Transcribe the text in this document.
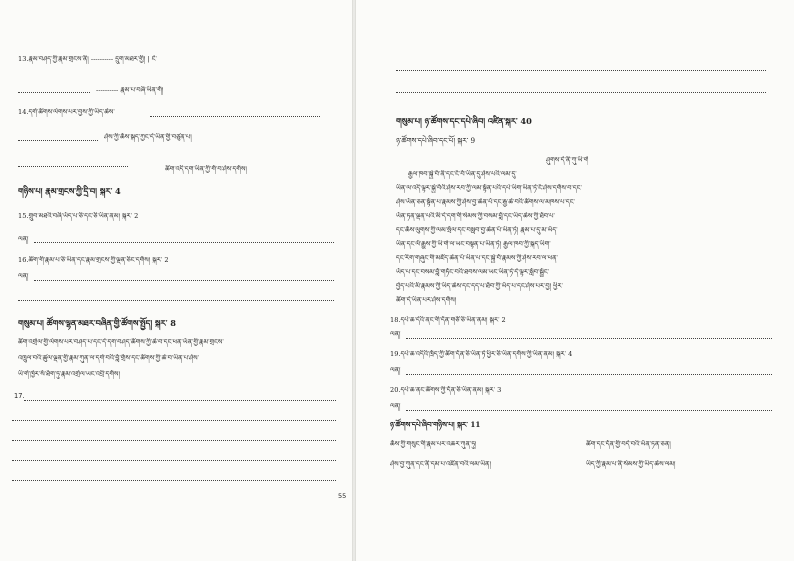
13.རྣམ་བཤད་ཀྱི་རྣམ་གྲངས་ནི། ---------- དྲུག་མཐར་གྱི། | ངེ་
---------- རྣམ་པ་བཞི་ཡིན་གོ།
14.དགེ་ཚོགས་ལེགས་པར་བྱས་ཀྱི་ཡིད་ཆེས་
ཤེས་ཀྱི་ཆོས་སྐད་ཀྱང་དེ་ཡིན་གྱི་བཙུན་པ།
ཚིག་འདི་དག་ཡིན་ཀྱི་གོ་བ་ཤེས་དགོས།
གཉིས་པ། རྣམ་གྲངས་ཀྱི་དྲི་བ། སྐར་ 4
15.གྲུབ་མཐའི་བཞི་ཡོད་པ་ཅི་དང་ཅི་ཡིན་ནམ། སྐར་ 2
ལན།
16.ཚིག་གི་རྣམ་པ་ཅི་ཡིན་དང་རྣམ་གྲངས་ཀྱི་ལྡན་ཅིང་དགོས། སྐར་ 2
ལན།
གསུམ་པ། ཚོགས་ལྷན་མཐར་བཞིན་གྱི་ཚོགས་སྤྱོད། སྐར་ 8
ཚིག་འགྲེལ་གྱི་ལེགས་པར་བཤད་པ་དང་དེ་དག་བཤད་ཚོགས་ཀྱི་ཆེ་བ་དང་ཕན་ཡོན་གྱི་རྣམ་གྲངས་
འཁྲུལ་བའི་ཚུལ་ལྡན་གྱི་རྣམ་ཀུན་ལ་དགེ་བའི་བློ་གྲོས་དང་ཚོགས་ཀྱི་ཆེ་བ་ཡིན་པ་ཤེས་
ཡི་གེ་ཁྱེར་སོ་ཐོག་ཏུ་རྣམ་འགྲེལ་ཡང་འབྲི་དགོས།
17.
55
གསུམ་པ། ཉ་ཚོགས་དང་དཔེ་ཞིབ། འཛིན་སྐར་ 40
ཉ་ཚོགས་དཔེ་ཞིབ་དང་པོ། སྐར་ 9
ཤུགས་དེ་ནི་ཀུ་ཡི་གེ
རྒྱལ་ཁབ་སྐྱེ་བོ་ནི་དང་ངོ་བོ་ཡིན་དུ་ཤེས་པའི་ལམ་དུ་
ཡིན་ལ་འདི་ལྟར་སྐྱེ་བོའི་ཤེས་རབ་ཀྱི་ལམ་སྟོན་པའི་དཔེ་ཡིག་ཡིན་ཏེ་ངོ་ཤེས་དགོས་བ་དང་
ཤེས་ཡོན་ཅན་སྟོན་པ་རྣམས་ཀྱི་ཤེས་བྱ་ཆེན་པོ་དང་རྒྱ་ཆེ་བའི་ཚོགས་ལ་མཁས་པ་དང་
ཡོན་ཏན་ལྡན་པའི་མི་དེ་དག་གི་སེམས་ཀྱི་བསམ་བློ་དང་ཡིད་ཆེས་ཀྱི་ཐོབ་པ་
དང་ཆོས་ལུགས་ཀྱི་ལམ་སྲོལ་དང་བསླབ་བྱ་ཆེན་པོ་ཡིན་ཏེ། རྣམ་པ་དུ་མ་ཡོད་
ཡིན་དང་ལོ་རྒྱུས་ཀྱི་ཡི་གེ་ལ་ཡང་བསྟན་པ་ཡིན་ཏེ། རྒྱལ་ཁབ་ཀྱི་སྐད་ཡིག་
དང་རིག་གཞུང་གི་མཛོད་ཆེན་པོ་ཡིན་པ་དང་སྐྱེ་བོ་རྣམས་ཀྱི་ཤེས་རབ་ལ་ཕན་
ཡོད་པ་དང་བསམ་བློ་གཏོང་བའི་ཐབས་ལམ་ཡང་ཡིན་ཏེ་དེ་ལྟར་སློབ་སྦྱོང་
བྱེད་པའི་མི་རྣམས་ཀྱི་ཡིད་ཆེས་དང་དད་པ་ཐོབ་ཀྱི་ཡོད་པ་དང་ཤེས་པར་བྱ། ཕྱིར་
ཚིག་དེ་ཡིན་པར་ཤེས་དགོས།
18.དཔེ་ཆ་དེའི་ནང་གི་དོན་གཙོ་ཅི་ཡིན་ནམ། སྐར་ 2
ལན།
19.དཔེ་ཆ་འདིའི་ཁྲོད་ཀྱི་ཚིག་དོན་ཅི་ཡིན་ཏེ་ཕྱིར་ཅི་ཡིན་དགོས་ཀྱི་ཡིན་ནམ། སྐར་ 4
ལན།
20.དཔེ་ཆ་ནང་ཚོགས་ཀྱི་དོན་ཅི་ཡིན་ནམ། སྐར་ 3
ལན།
ཉ་ཚོགས་དཔེ་ཞིབ་གཉིས་པ། སྐར་ 11
ཆོས་ཀྱི་གསུང་གི་རྣམ་པར་འཆར་ཀུན་ཏུ།	ཚིག་དང་དོན་གྱི་བདེ་བའི་ཡོན་ཏན་ཅན།
ཤེས་བྱ་ཀུན་དང་ནི་དམ་པ་འཛིན་བའི་ལམ་ཡིན།	ཡིད་ཀྱི་རྣམ་པ་ནི་སེམས་ཀྱི་ཡིད་ཆེས་ལམ།
